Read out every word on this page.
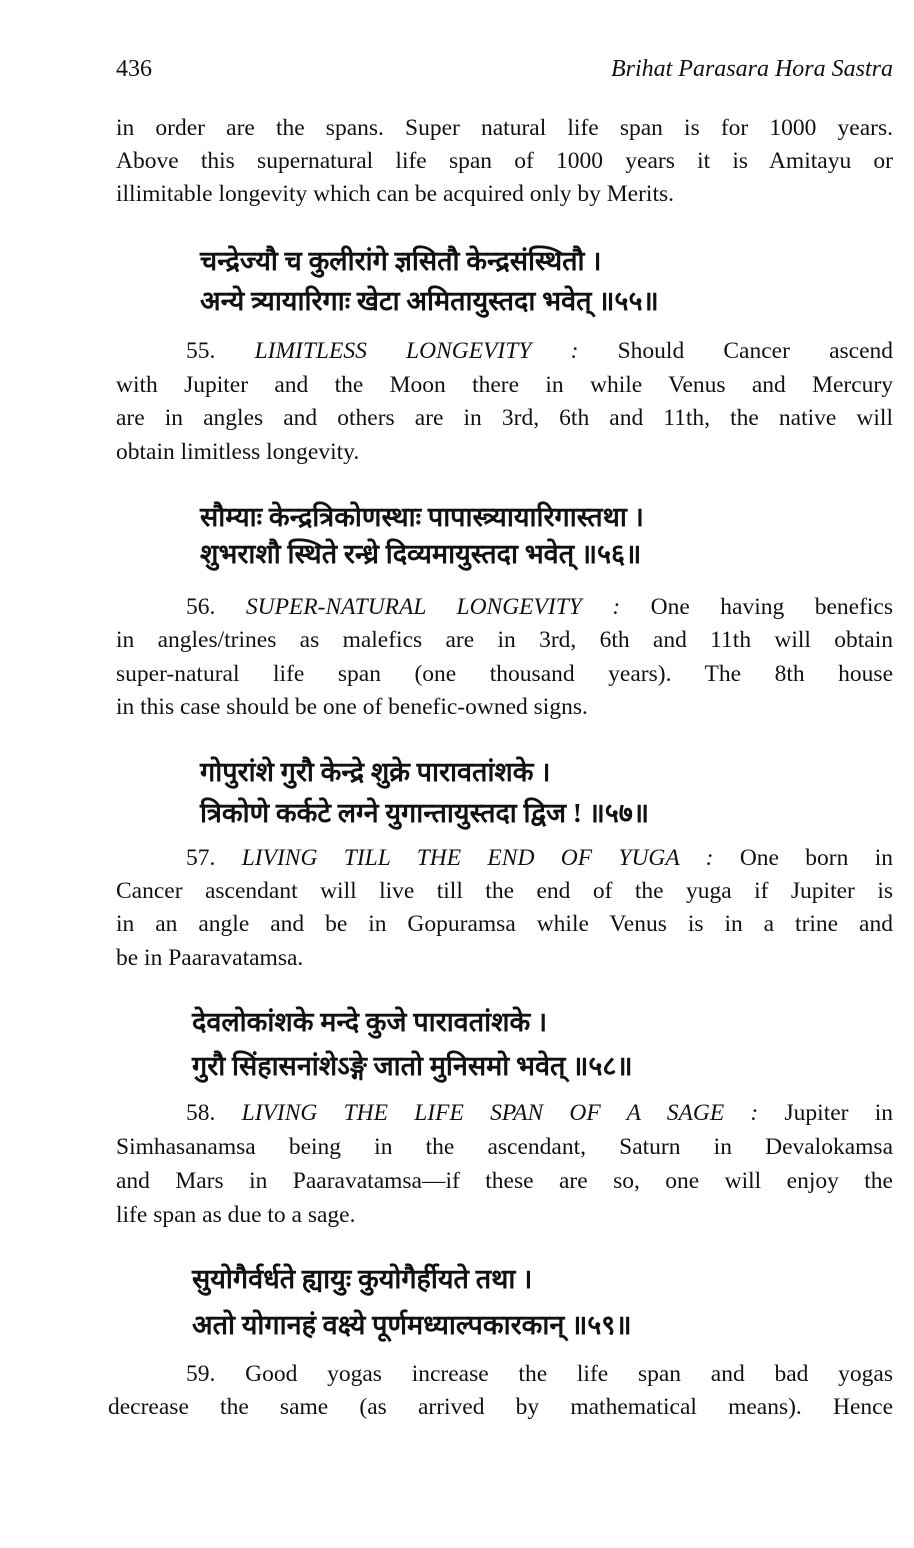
436	Brihat Parasara Hora Sastra
in order are the spans. Super natural life span is for 1000 years.
Above this supernatural life span of 1000 years it is Amitayu or
illimitable longevity which can be acquired only by Merits.
चन्द्रेज्यौ च कुलीरांगे ज्ञसितौ केन्द्रसंस्थितौ ।
अन्ये त्र्यायारिगाः खेटा अमितायुस्तदा भवेत् ॥५५॥
55. LIMITLESS LONGEVITY : Should Cancer ascend
with Jupiter and the Moon there in while Venus and Mercury
are in angles and others are in 3rd, 6th and 11th, the native will
obtain limitless longevity.
सौम्याः केन्द्रत्रिकोणस्थाः पापास्त्र्यायारिगास्तथा ।
शुभराशौ स्थिते रन्ध्रे दिव्यमायुस्तदा भवेत् ॥५६॥
56. SUPER-NATURAL LONGEVITY : One having benefics
in angles/trines as malefics are in 3rd, 6th and 11th will obtain
super-natural life span (one thousand years). The 8th house
in this case should be one of benefic-owned signs.
गोपुरांशे गुरौ केन्द्रे शुक्रे पारावतांशके ।
त्रिकोणे कर्कटे लग्ने युगान्तायुस्तदा द्विज ! ॥५७॥
57. LIVING TILL THE END OF YUGA : One born in
Cancer ascendant will live till the end of the yuga if Jupiter is
in an angle and be in Gopuramsa while Venus is in a trine and
be in Paaravatamsa.
देवलोकांशके मन्दे कुजे पारावतांशके ।
गुरौ सिंहासनांशेऽङ्गे जातो मुनिसमो भवेत् ॥५८॥
58. LIVING THE LIFE SPAN OF A SAGE : Jupiter in
Simhasanamsa being in the ascendant, Saturn in Devalokamsa
and Mars in Paaravatamsa—if these are so, one will enjoy the
life span as due to a sage.
सुयोगैर्वर्धते ह्यायुः कुयोगैर्हीयते तथा ।
अतो योगानहं वक्ष्ये पूर्णमध्याल्पकारकान् ॥५९॥
59. Good yogas increase the life span and bad yogas
decrease the same (as arrived by mathematical means). Hence
